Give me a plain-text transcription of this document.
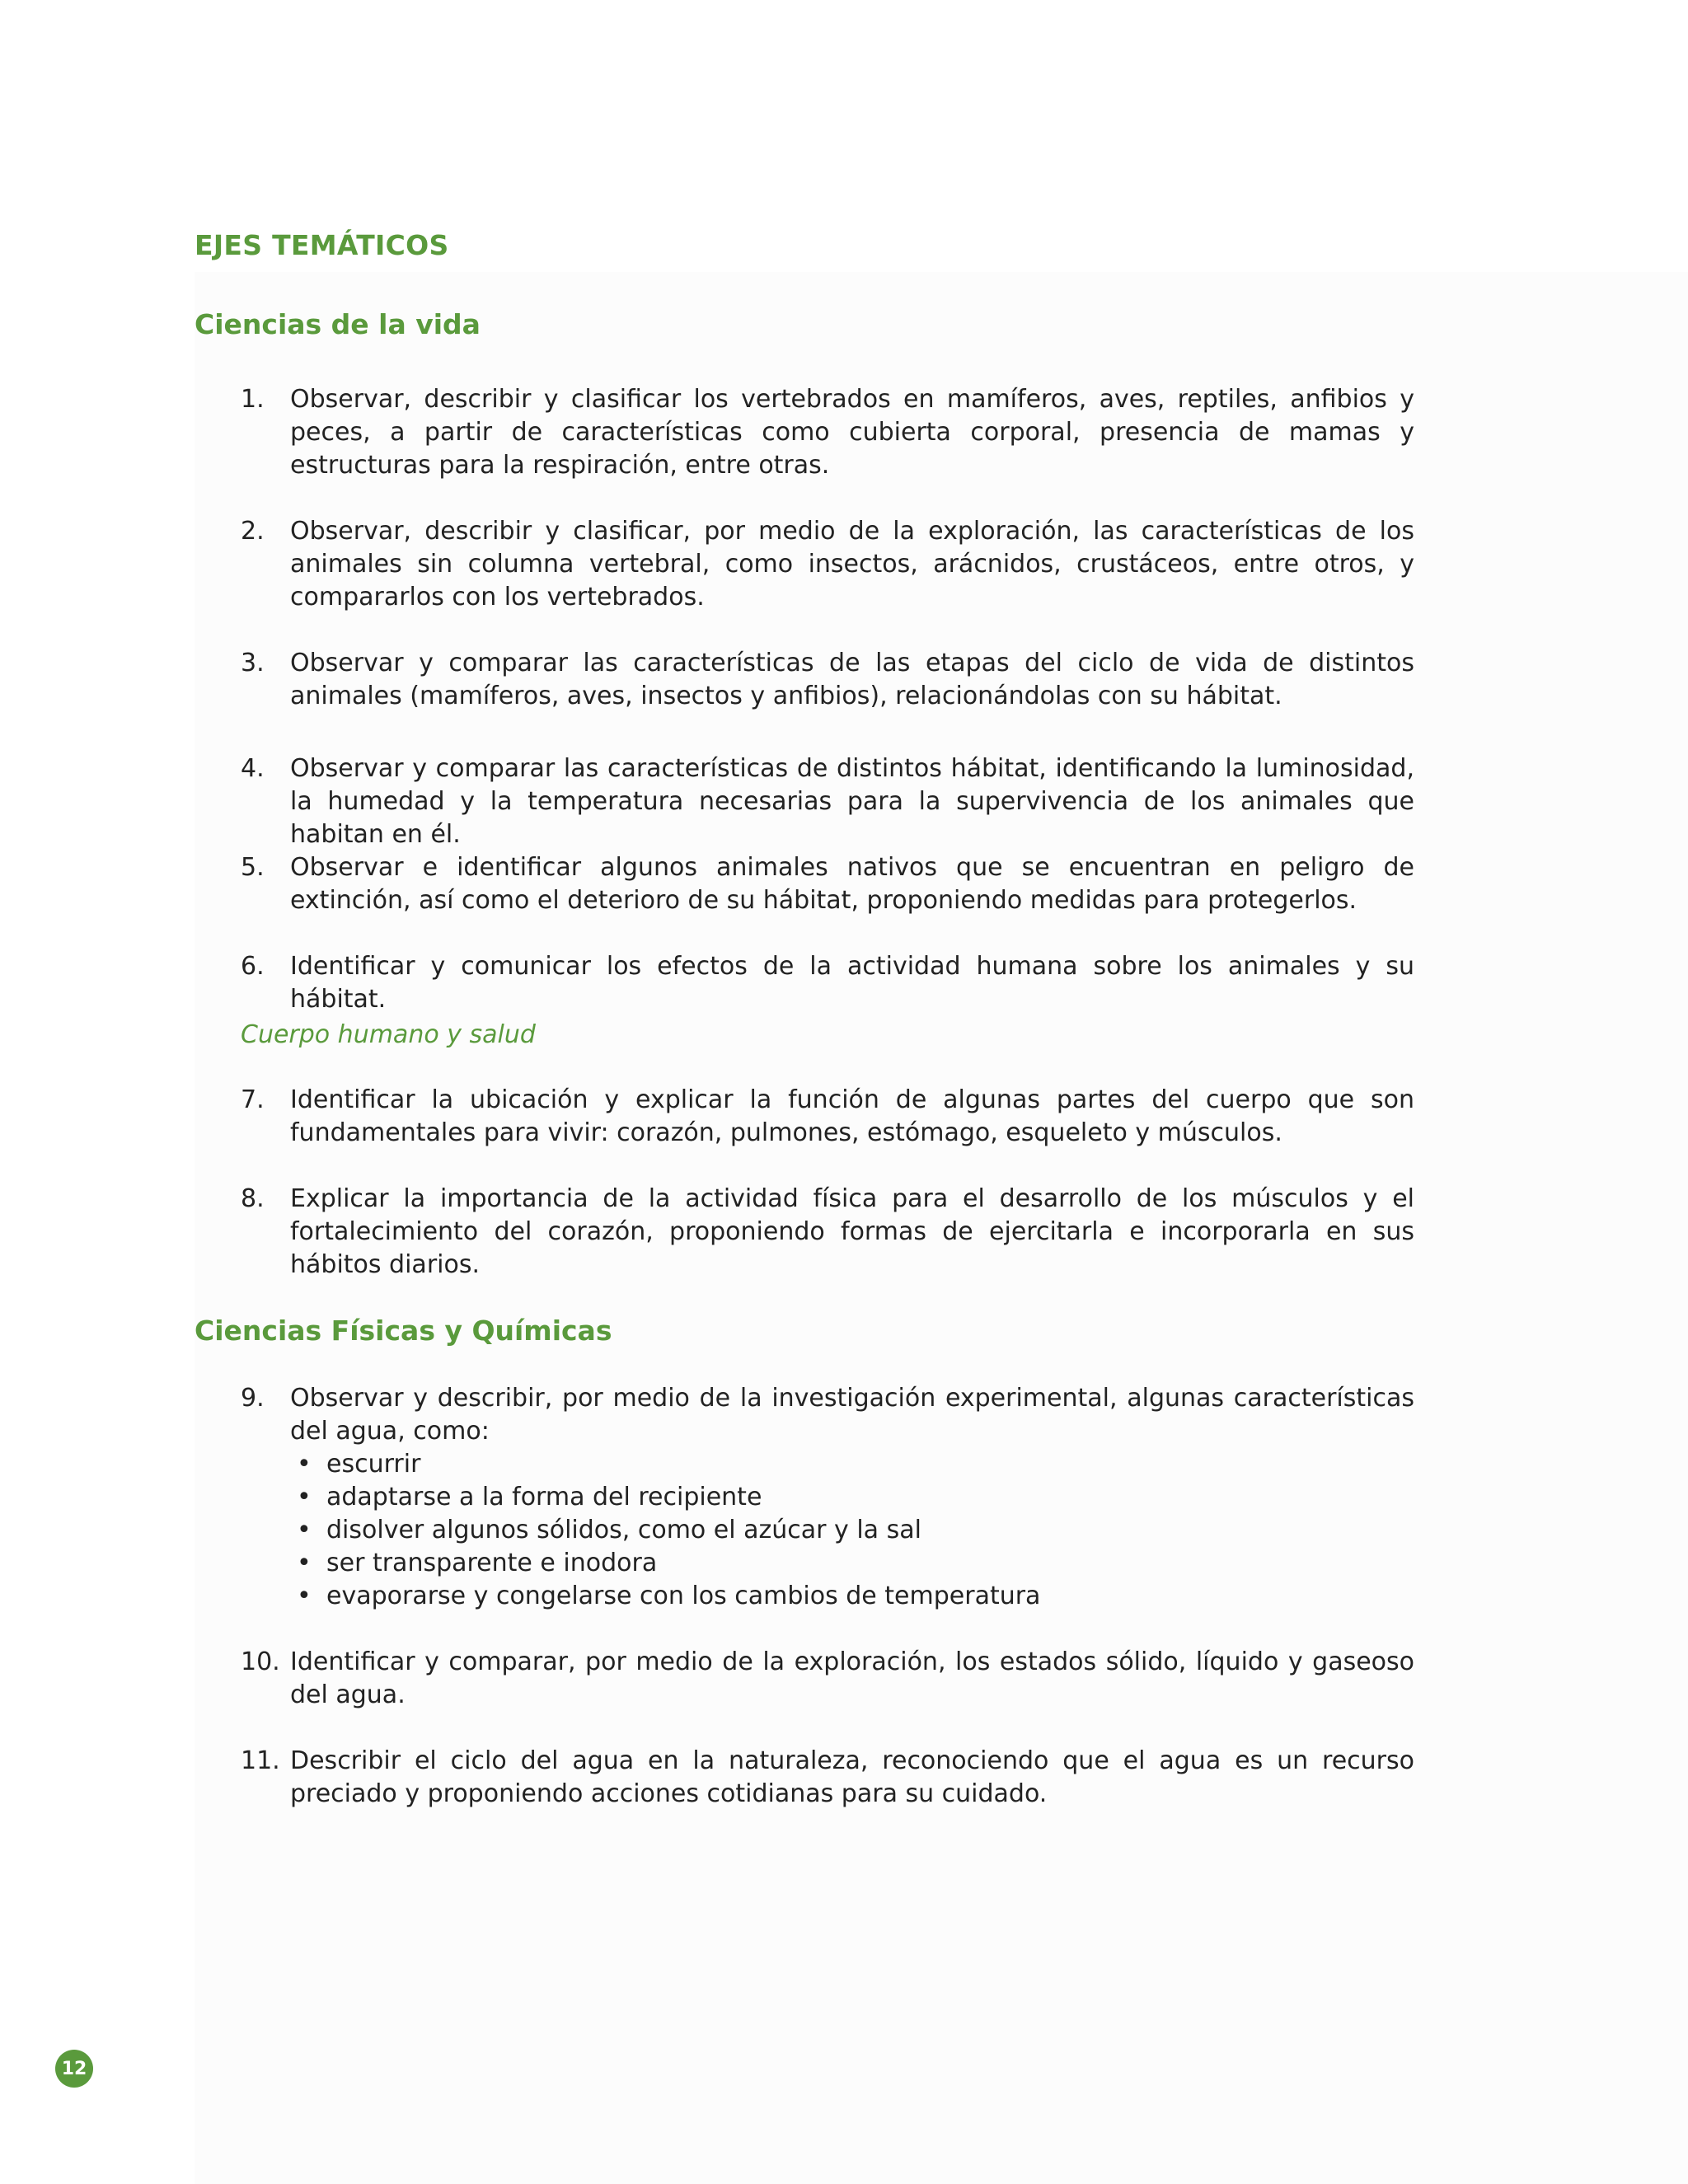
EJES TEMÁTICOS
Ciencias de la vida
1.	Observar, describir y clasificar los vertebrados en mamíferos, aves, reptiles, anfibios y peces, a partir de características como cubierta corporal, presencia de mamas y estructuras para la respiración, entre otras.
2.	Observar, describir y clasificar, por medio de la exploración, las características de los animales sin columna vertebral, como insectos, arácnidos, crustáceos, entre otros, y compararlos con los vertebrados.
3.	Observar y comparar las características de las etapas del ciclo de vida de distintos animales (mamíferos, aves, insectos y anfibios), relacionándolas con su hábitat.
4.	Observar y comparar las características de distintos hábitat, identificando la luminosidad, la humedad y la temperatura necesarias para la supervivencia de los animales que habitan en él.
5.	Observar e identificar algunos animales nativos que se encuentran en peligro de extinción, así como el deterioro de su hábitat, proponiendo medidas para protegerlos.
6.	Identificar y comunicar los efectos de la actividad humana sobre los animales y su hábitat.
Cuerpo humano y salud
7.	Identificar la ubicación y explicar la función de algunas partes del cuerpo que son fundamentales para vivir: corazón, pulmones, estómago, esqueleto y músculos.
8.	Explicar la importancia de la actividad física para el desarrollo de los músculos y el fortalecimiento del corazón, proponiendo formas de ejercitarla e incorporarla en sus hábitos diarios.
Ciencias Físicas y Químicas
9.	Observar y describir, por medio de la investigación experimental, algunas características del agua, como:
• escurrir
• adaptarse a la forma del recipiente
• disolver algunos sólidos, como el azúcar y la sal
• ser transparente e inodora
• evaporarse y congelarse con los cambios de temperatura
10. Identificar y comparar, por medio de la exploración, los estados sólido, líquido y gaseoso del agua.
11. Describir el ciclo del agua en la naturaleza, reconociendo que el agua es un recurso preciado y proponiendo acciones cotidianas para su cuidado.
12
